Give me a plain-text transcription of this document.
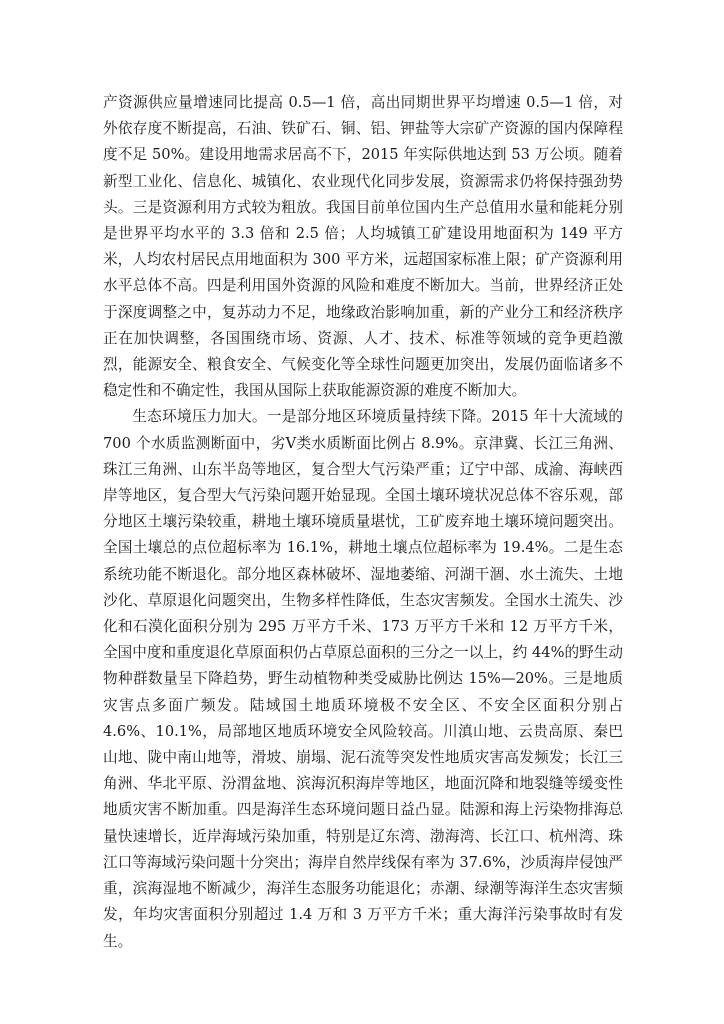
产资源供应量增速同比提高 0.5—1 倍，高出同期世界平均增速 0.5—1 倍，对外依存度不断提高，石油、铁矿石、铜、铝、钾盐等大宗矿产资源的国内保障程度不足 50%。建设用地需求居高不下，2015 年实际供地达到 53 万公顷。随着新型工业化、信息化、城镇化、农业现代化同步发展，资源需求仍将保持强劲势头。三是资源利用方式较为粗放。我国目前单位国内生产总值用水量和能耗分别是世界平均水平的 3.3 倍和 2.5 倍；人均城镇工矿建设用地面积为 149 平方米，人均农村居民点用地面积为 300 平方米，远超国家标准上限；矿产资源利用水平总体不高。四是利用国外资源的风险和难度不断加大。当前，世界经济正处于深度调整之中，复苏动力不足，地缘政治影响加重，新的产业分工和经济秩序正在加快调整，各国围绕市场、资源、人才、技术、标准等领域的竞争更趋激烈，能源安全、粮食安全、气候变化等全球性问题更加突出，发展仍面临诸多不稳定性和不确定性，我国从国际上获取能源资源的难度不断加大。

生态环境压力加大。一是部分地区环境质量持续下降。2015 年十大流域的 700 个水质监测断面中，劣Ⅴ类水质断面比例占 8.9%。京津冀、长江三角洲、珠江三角洲、山东半岛等地区，复合型大气污染严重；辽宁中部、成渝、海峡西岸等地区，复合型大气污染问题开始显现。全国土壤环境状况总体不容乐观，部分地区土壤污染较重，耕地土壤环境质量堪忧，工矿废弃地土壤环境问题突出。全国土壤总的点位超标率为 16.1%，耕地土壤点位超标率为 19.4%。二是生态系统功能不断退化。部分地区森林破坏、湿地萎缩、河湖干涸、水土流失、土地沙化、草原退化问题突出，生物多样性降低，生态灾害频发。全国水土流失、沙化和石漠化面积分别为 295 万平方千米、173 万平方千米和 12 万平方千米，全国中度和重度退化草原面积仍占草原总面积的三分之一以上，约 44%的野生动物种群数量呈下降趋势，野生动植物种类受威胁比例达 15%—20%。三是地质灾害点多面广频发。陆域国土地质环境极不安全区、不安全区面积分别占 4.6%、10.1%，局部地区地质环境安全风险较高。川滇山地、云贵高原、秦巴山地、陇中南山地等，滑坡、崩塌、泥石流等突发性地质灾害高发频发；长江三角洲、华北平原、汾渭盆地、滨海沉积海岸等地区，地面沉降和地裂缝等缓变性地质灾害不断加重。四是海洋生态环境问题日益凸显。陆源和海上污染物排海总量快速增长，近岸海域污染加重，特别是辽东湾、渤海湾、长江口、杭州湾、珠江口等海域污染问题十分突出；海岸自然岸线保有率为 37.6%，沙质海岸侵蚀严重，滨海湿地不断减少，海洋生态服务功能退化；赤潮、绿潮等海洋生态灾害频发，年均灾害面积分别超过 1.4 万和 3 万平方千米；重大海洋污染事故时有发生。
